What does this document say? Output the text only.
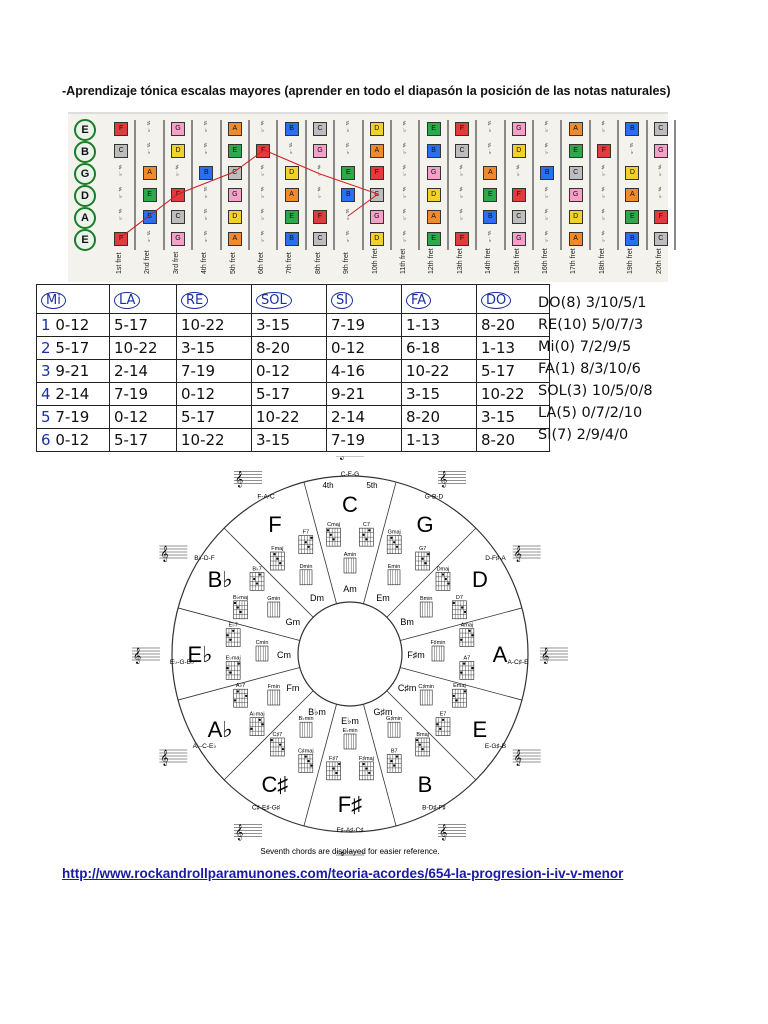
-Aprendizaje tónica escalas mayores (aprender en todo el diapasón la posición de las notas naturales)
E
B
G
D
A
E
1st fret	2nd fret	3rd fret	4th fret	5th fret	6th fret	7th fret	8th fret	9th fret	10th fret	11th fret	12th fret	13th fret	14th fret	15th fret	16th fret	17th fret	18th fret	19th fret	20th fret
F	♯♭	G	♯♭	A	♯♭	B	C	♯♭	D	♯♭	E	F	♯♭	G	♯♭	A	♯♭	B	C
C	♯♭	D	♯♭	E	F	♯♭	G	♯♭	A	♯♭	B	C	♯♭	D	♯♭	E	F	♯♭	G
♯♭	A	♯♭	B	C	♯♭	D	♯♭	E	F	♯♭	G	♯♭	A	♯♭	B	C	♯♭	D	♯♭
♯♭	E	F	♯♭	G	♯♭	A	♯♭	B	C	♯♭	D	♯♭	E	F	♯♭	G	♯♭	A	♯♭
♯♭	B	C	♯♭	D	♯♭	E	F	♯♭	G	♯♭	A	♯♭	B	C	♯♭	D	♯♭	E	F
F	♯♭	G	♯♭	A	♯♭	B	C	♯♭	D	♯♭	E	F	♯♭	G	♯♭	A	♯♭	B	C
Mi	LA	RE	SOL	SI	FA	DO
1 0-12	5-17	10-22	3-15	7-19	1-13	8-20
2 5-17	10-22	3-15	8-20	0-12	6-18	1-13
3 9-21	2-14	7-19	0-12	4-16	10-22	5-17
4 2-14	7-19	0-12	5-17	9-21	3-15	10-22
5 7-19	0-12	5-17	10-22	2-14	8-20	3-15
6 0-12	5-17	10-22	3-15	7-19	1-13	8-20
DO(8) 3/10/5/1
RE(10) 5/0/7/3
Mi(0) 7/2/9/5
FA(1) 8/3/10/6
SOL(3) 10/5/0/8
LA(5) 0/7/2/10
SI(7) 2/9/4/0
C
C-E-G
Am
Cmaj	C7
Amin
G
G-B-D
Em
Gmaj
G7
Emin
𝄞
D
D-F♯-A
Bm
Dmaj
D7
Bmin
𝄞
A A-C♯-E
F♯m
Amaj
A7
F♯min
𝄞
E
E-G♯-B
C♯m	Emaj
E7
C♯min
𝄞
B
B-D♯-F♯
G♯m
Bmaj
B7
G♯min
𝄞
F♯
F♯-A♯-C♯
E♭m
F♯maj
F♯7
E♭min
C♯
C♯-E♯-G♯
B♭m
C♯maj
C♯7
B♭min
𝄞
A♭
A♭-C-E♭
Fm
A♭maj
A♭7	Fmin
𝄞
E♭
E♭-G-B♭
Cm
E♭maj
E♭7
Cmin
𝄞
B♭
B♭-D-F
Gm
B♭maj
B♭7
Gmin
𝄞
F
F-A-C
Dm
Fmaj
F7
Dmin
𝄞	4th	5th
Seventh chords are displayed for easier reference.
http://www.rockandrollparamunones.com/teoria-acordes/654-la-progresion-i-iv-v-menor
